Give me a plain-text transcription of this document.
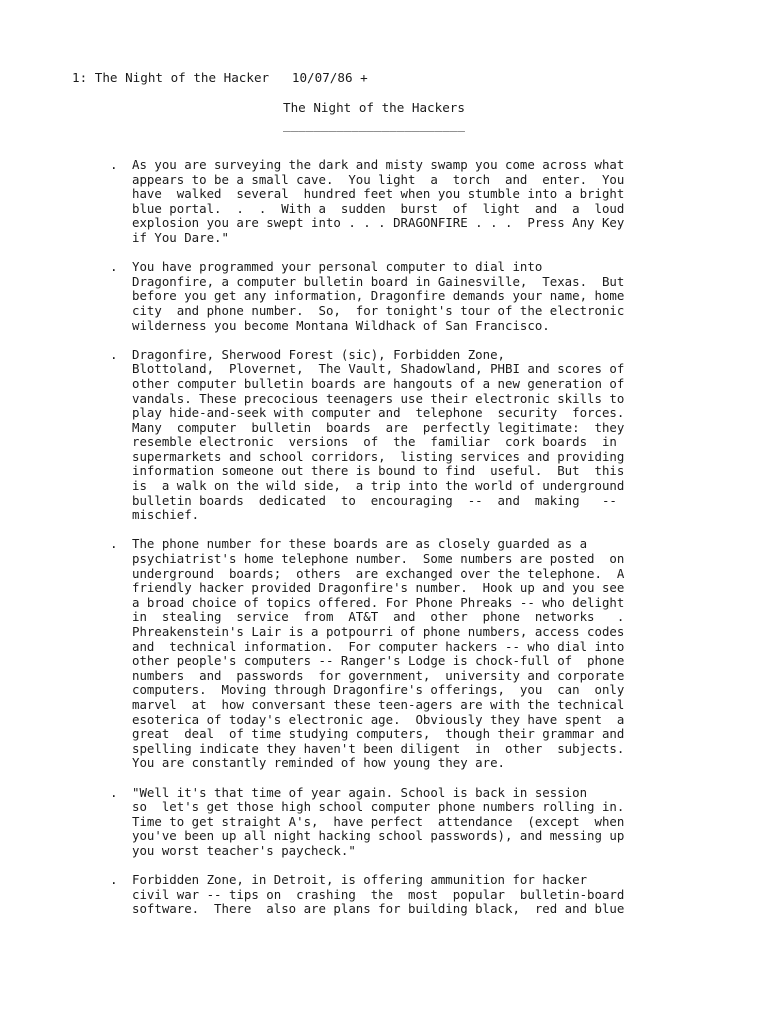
1: The Night of the Hacker   10/07/86 +
The Night of the Hackers
________________________
. As you are surveying the dark and misty swamp you come across what
appears to be a small cave.  You light  a  torch  and  enter.  You
have  walked  several  hundred feet when you stumble into a bright
blue portal.  .  .  With a  sudden  burst  of  light  and  a  loud
explosion you are swept into . . . DRAGONFIRE . . .  Press Any Key
if You Dare."
. You have programmed your personal computer to dial into
Dragonfire, a computer bulletin board in Gainesville,  Texas.  But
before you get any information, Dragonfire demands your name, home
city  and phone number.  So,  for tonight's tour of the electronic
wilderness you become Montana Wildhack of San Francisco.
. Dragonfire, Sherwood Forest (sic), Forbidden Zone,
Blottoland,  Plovernet,  The Vault, Shadowland, PHBI and scores of
other computer bulletin boards are hangouts of a new generation of
vandals. These precocious teenagers use their electronic skills to
play hide-and-seek with computer and  telephone  security  forces.
Many  computer  bulletin  boards  are  perfectly legitimate:  they
resemble electronic  versions  of  the  familiar  cork boards  in
supermarkets and school corridors,  listing services and providing
information someone out there is bound to find  useful.  But  this
is  a walk on the wild side,  a trip into the world of underground
bulletin boards  dedicated  to  encouraging  --  and  making   --
mischief.
. The phone number for these boards are as closely guarded as a
psychiatrist's home telephone number.  Some numbers are posted  on
underground  boards;  others  are exchanged over the telephone.  A
friendly hacker provided Dragonfire's number.  Hook up and you see
a broad choice of topics offered. For Phone Phreaks -- who delight
in  stealing  service  from  AT&T  and  other  phone  networks   .
Phreakenstein's Lair is a potpourri of phone numbers, access codes
and  technical information.  For computer hackers -- who dial into
other people's computers -- Ranger's Lodge is chock-full of  phone
numbers  and  passwords  for government,  university and corporate
computers.  Moving through Dragonfire's offerings,  you  can  only
marvel  at  how conversant these teen-agers are with the technical
esoterica of today's electronic age.  Obviously they have spent  a
great  deal  of time studying computers,  though their grammar and
spelling indicate they haven't been diligent  in  other  subjects.
You are constantly reminded of how young they are.
. "Well it's that time of year again. School is back in session
so  let's get those high school computer phone numbers rolling in.
Time to get straight A's,  have perfect  attendance  (except  when
you've been up all night hacking school passwords), and messing up
you worst teacher's paycheck."
. Forbidden Zone, in Detroit, is offering ammunition for hacker
civil war -- tips on  crashing  the  most  popular  bulletin-board
software.  There  also are plans for building black,  red and blue
